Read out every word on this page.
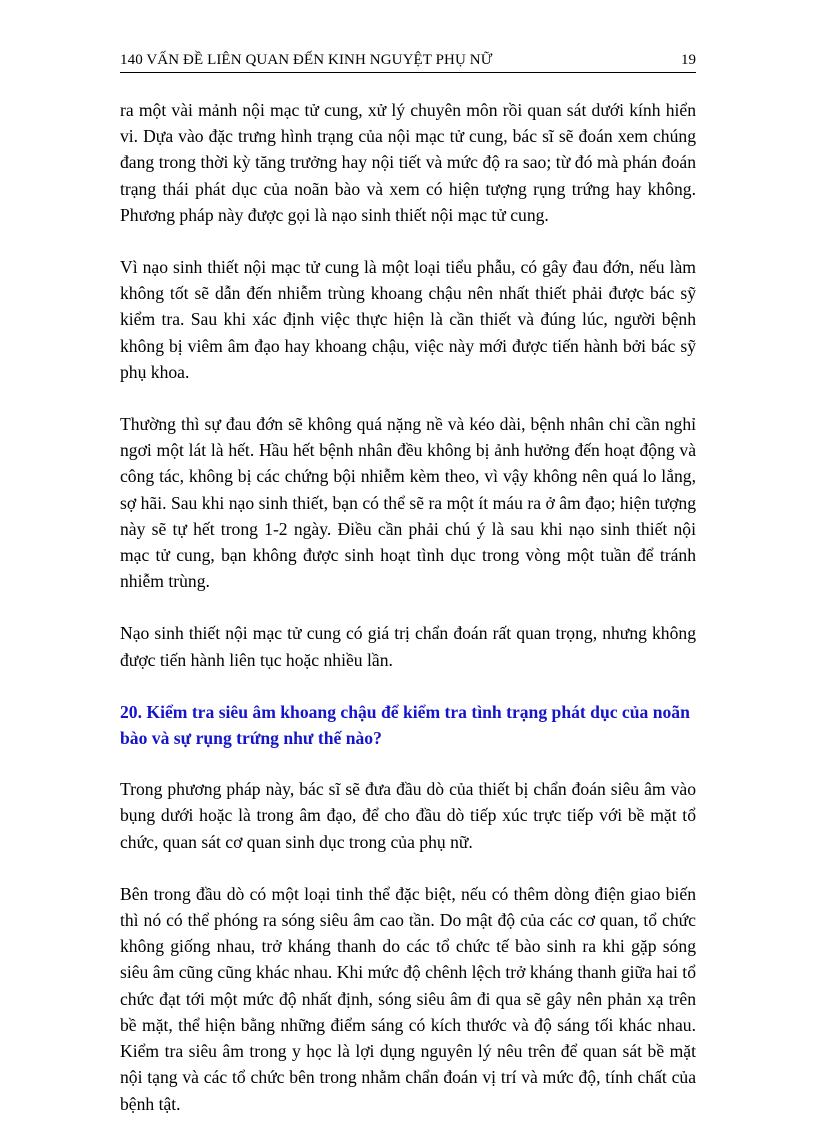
140 VẤN ĐỀ LIÊN QUAN ĐẾN KINH NGUYỆT PHỤ NỮ	19

ra một vài mảnh nội mạc tử cung, xử lý chuyên môn rồi quan sát dưới kính hiển vi. Dựa vào đặc trưng hình trạng của nội mạc tử cung, bác sĩ sẽ đoán xem chúng đang trong thời kỳ tăng trưởng hay nội tiết và mức độ ra sao; từ đó mà phán đoán trạng thái phát dục của noãn bào và xem có hiện tượng rụng trứng hay không. Phương pháp này được gọi là nạo sinh thiết nội mạc tử cung.

Vì nạo sinh thiết nội mạc tử cung là một loại tiểu phẫu, có gây đau đớn, nếu làm không tốt sẽ dẫn đến nhiễm trùng khoang chậu nên nhất thiết phải được bác sỹ kiểm tra. Sau khi xác định việc thực hiện là cần thiết và đúng lúc, người bệnh không bị viêm âm đạo hay khoang chậu, việc này mới được tiến hành bởi bác sỹ phụ khoa.

Thường thì sự đau đớn sẽ không quá nặng nề và kéo dài, bệnh nhân chỉ cần nghỉ ngơi một lát là hết. Hầu hết bệnh nhân đều không bị ảnh hưởng đến hoạt động và công tác, không bị các chứng bội nhiễm kèm theo, vì vậy không nên quá lo lắng, sợ hãi. Sau khi nạo sinh thiết, bạn có thể sẽ ra một ít máu ra ở âm đạo; hiện tượng này sẽ tự hết trong 1-2 ngày. Điều cần phải chú ý là sau khi nạo sinh thiết nội mạc tử cung, bạn không được sinh hoạt tình dục trong vòng một tuần để tránh nhiễm trùng.

Nạo sinh thiết nội mạc tử cung có giá trị chẩn đoán rất quan trọng, nhưng không được tiến hành liên tục hoặc nhiều lần.

20. Kiểm tra siêu âm khoang chậu để kiểm tra tình trạng phát dục của noãn bào và sự rụng trứng như thế nào?

Trong phương pháp này, bác sĩ sẽ đưa đầu dò của thiết bị chẩn đoán siêu âm vào bụng dưới hoặc là trong âm đạo, để cho đầu dò tiếp xúc trực tiếp với bề mặt tổ chức, quan sát cơ quan sinh dục trong của phụ nữ.

Bên trong đầu dò có một loại tinh thể đặc biệt, nếu có thêm dòng điện giao biến thì nó có thể phóng ra sóng siêu âm cao tần. Do mật độ của các cơ quan, tổ chức không giống nhau, trở kháng thanh do các tổ chức tế bào sinh ra khi gặp sóng siêu âm cũng cũng khác nhau. Khi mức độ chênh lệch trở kháng thanh giữa hai tổ chức đạt tới một mức độ nhất định, sóng siêu âm đi qua sẽ gây nên phản xạ trên bề mặt, thể hiện bằng những điểm sáng có kích thước và độ sáng tối khác nhau. Kiểm tra siêu âm trong y học là lợi dụng nguyên lý nêu trên để quan sát bề mặt nội tạng và các tổ chức bên trong nhằm chẩn đoán vị trí và mức độ, tính chất của bệnh tật.
